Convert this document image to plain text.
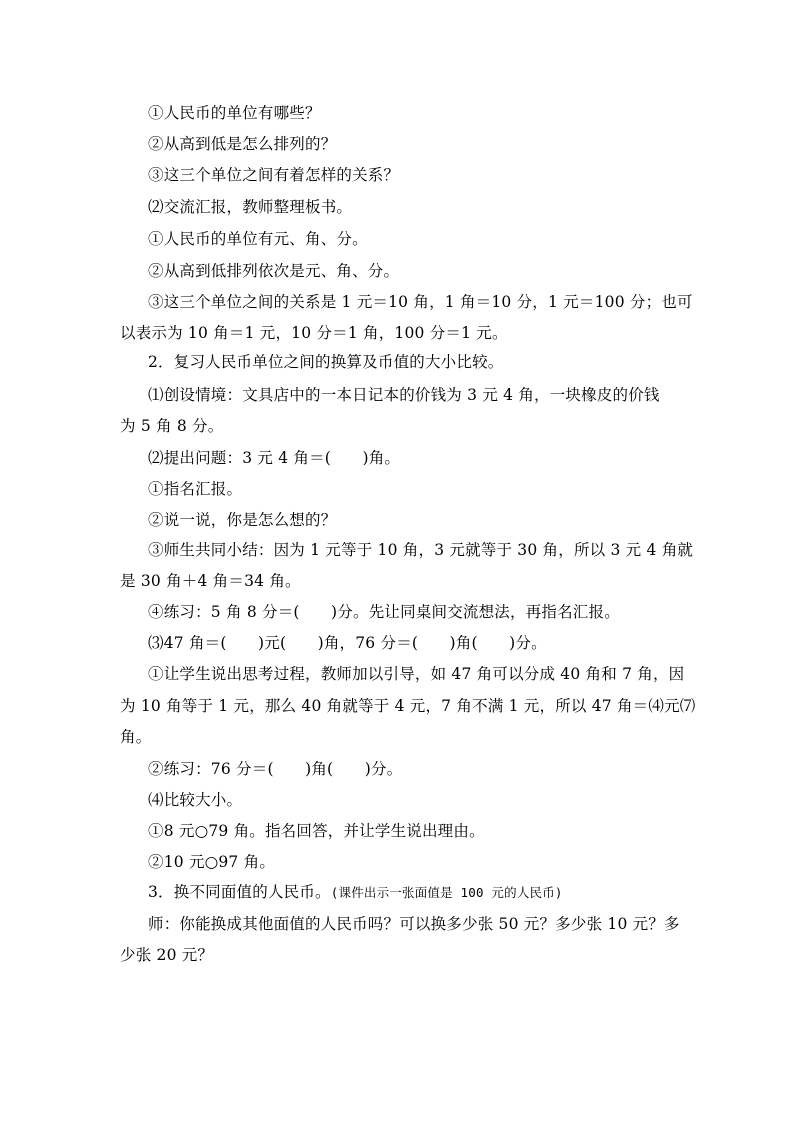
①人民币的单位有哪些？
②从高到低是怎么排列的？
③这三个单位之间有着怎样的关系？
⑵交流汇报，教师整理板书。
①人民币的单位有元、角、分。
②从高到低排列依次是元、角、分。
③这三个单位之间的关系是 1 元＝10 角，1 角＝10 分，1 元＝100 分；也可
以表示为 10 角＝1 元，10 分＝1 角，100 分＝1 元。
2．复习人民币单位之间的换算及币值的大小比较。
⑴创设情境：文具店中的一本日记本的价钱为 3 元 4 角，一块橡皮的价钱
为 5 角 8 分。
⑵提出问题：3 元 4 角＝(　　)角。
①指名汇报。
②说一说，你是怎么想的？
③师生共同小结：因为 1 元等于 10 角，3 元就等于 30 角，所以 3 元 4 角就
是 30 角＋4 角＝34 角。
④练习：5 角 8 分＝(　　)分。先让同桌间交流想法，再指名汇报。
⑶47 角＝(　　)元(　　)角，76 分＝(　　)角(　　)分。
①让学生说出思考过程，教师加以引导，如 47 角可以分成 40 角和 7 角，因
为 10 角等于 1 元，那么 40 角就等于 4 元，7 角不满 1 元，所以 47 角＝⑷元⑺
角。
②练习：76 分＝(　　)角(　　)分。
⑷比较大小。
①8 元○79 角。指名回答，并让学生说出理由。
②10 元○97 角。
3．换不同面值的人民币。(课件出示一张面值是 100 元的人民币)
师：你能换成其他面值的人民币吗？可以换多少张 50 元？多少张 10 元？多
少张 20 元？
